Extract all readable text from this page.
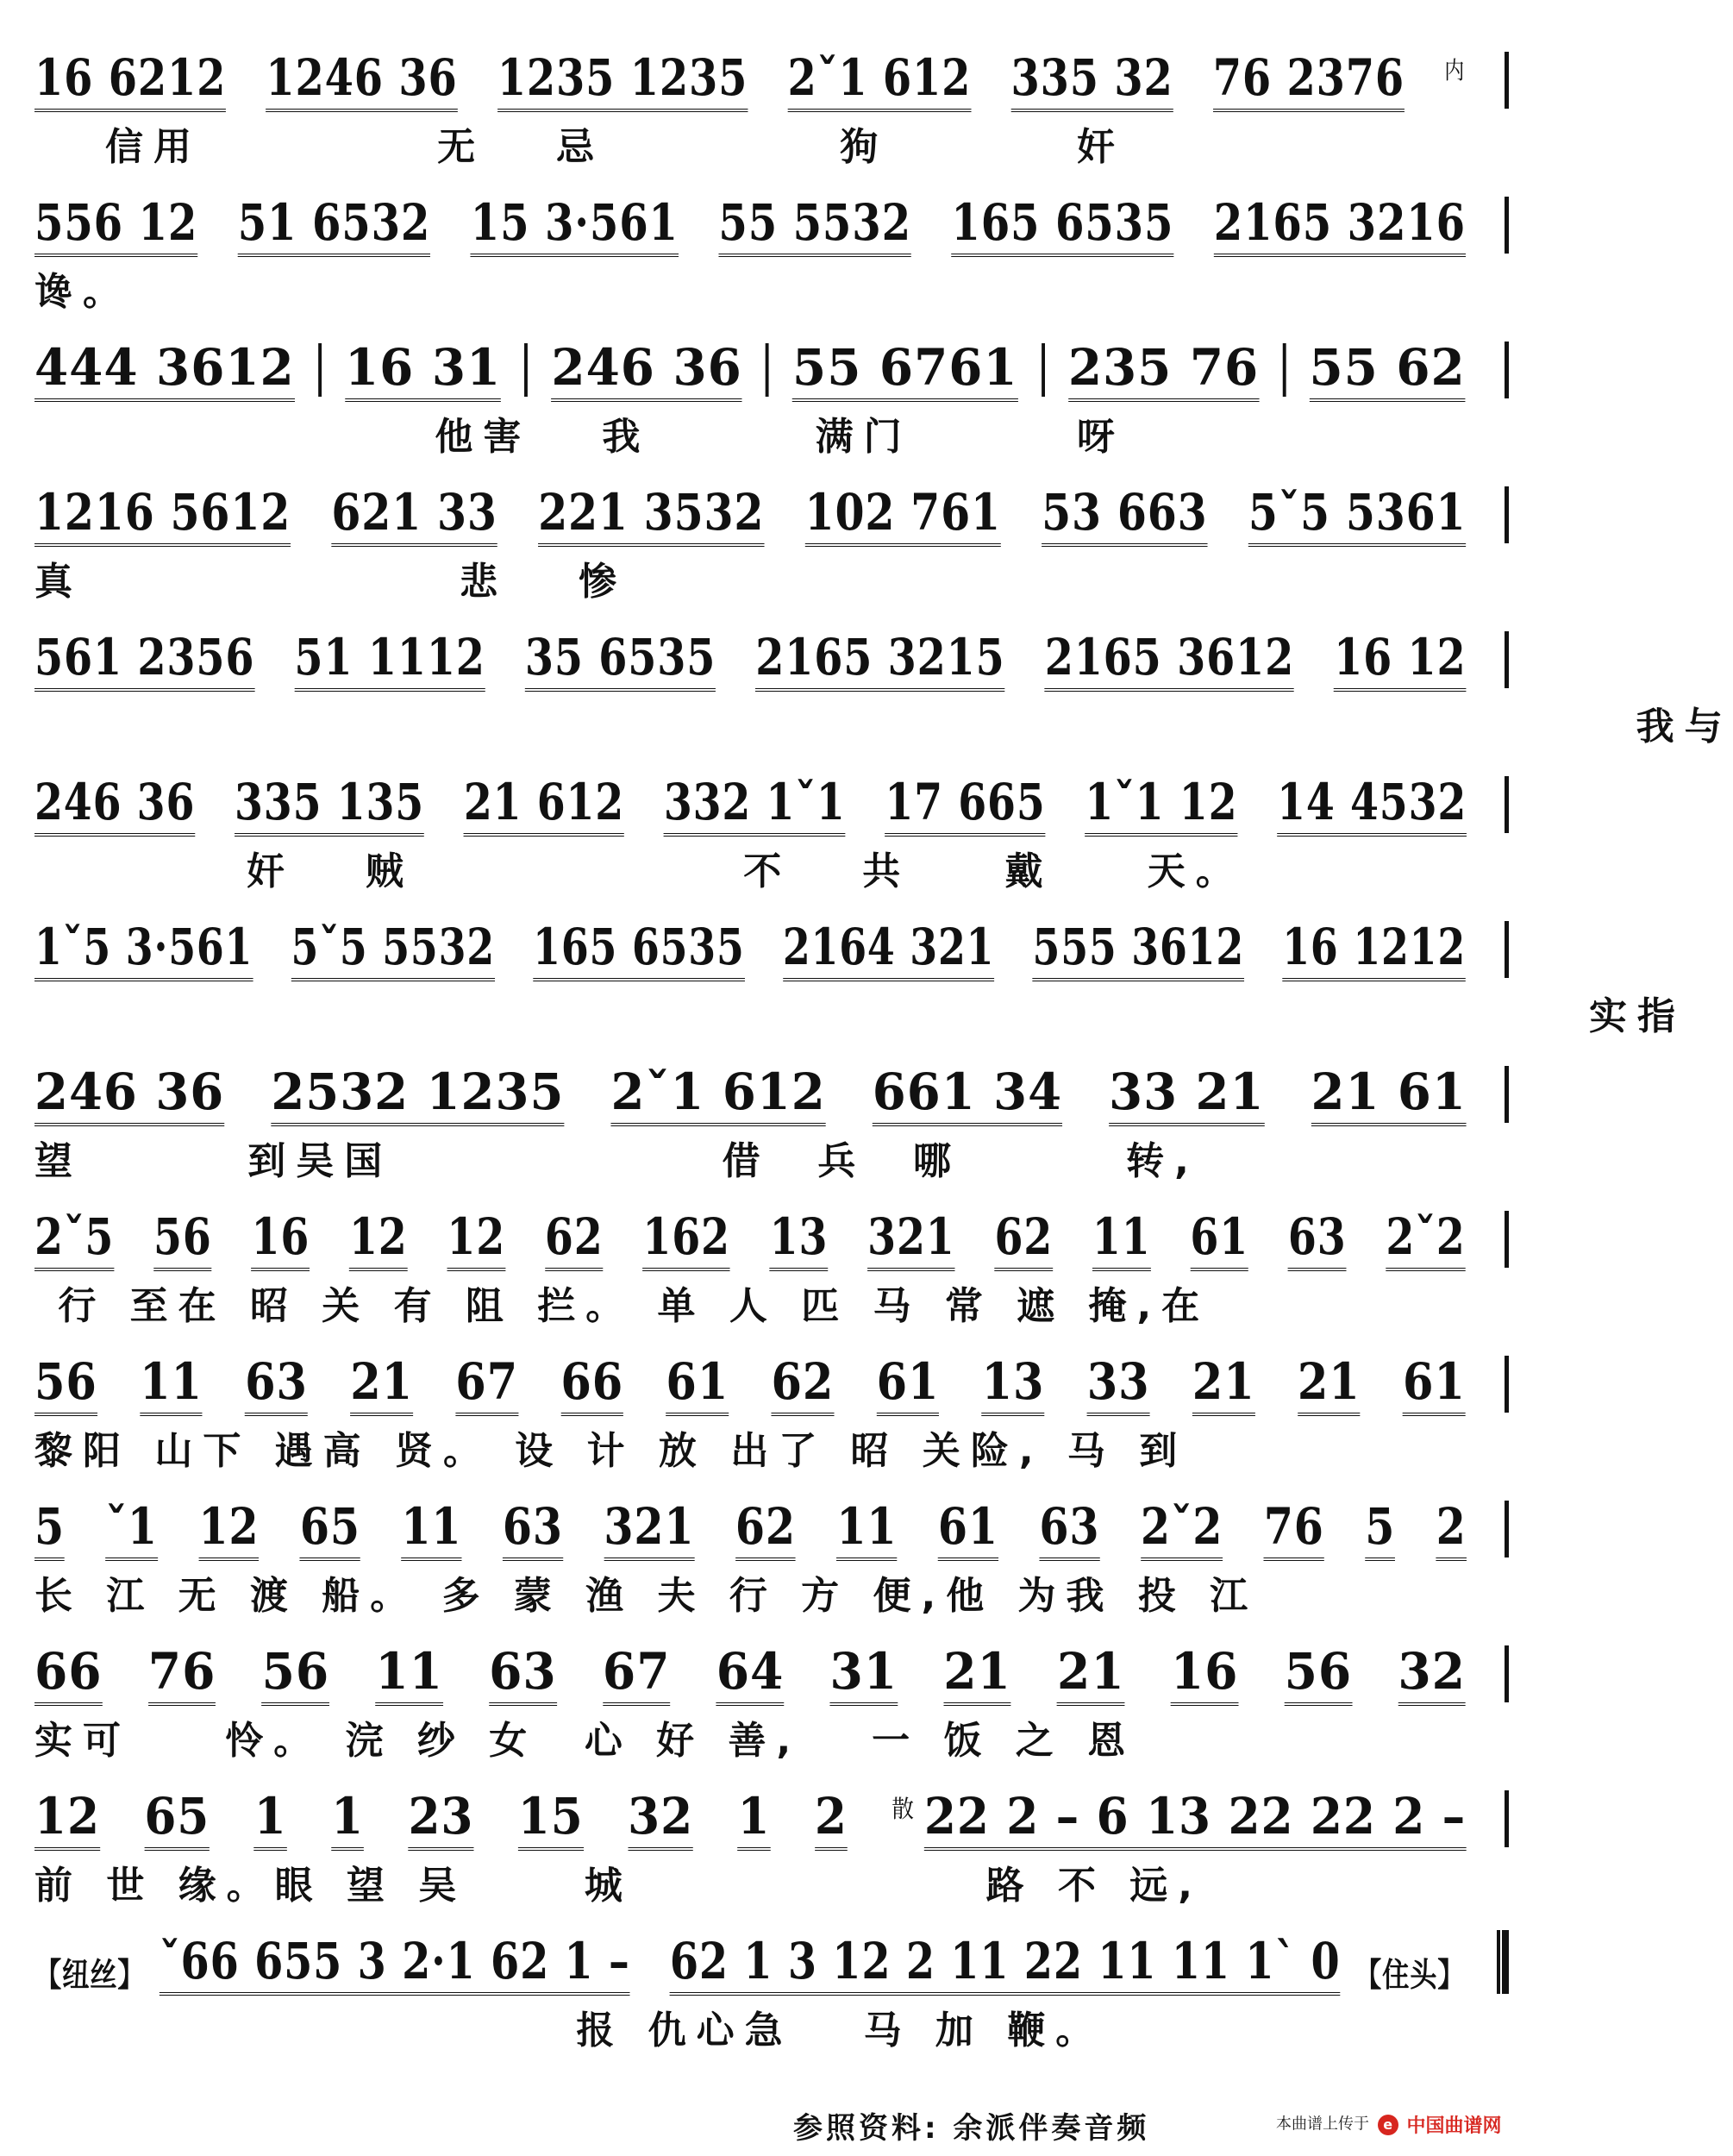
16 6212 1246 36 1235 1235 2ˇ1 612 335 32 76 2376 内
信用          无   忌          狗        奸
556 12 51 6532 15 3·561 55 5532 165 6535 2165 3216
谗。
444 3612 16 31 246 36 55 6761 235 76 55 62
他害   我       满门       呀
1216 5612 621 33 221 3532 102 761 53 663 5ˇ5 5361
真                悲   惨
561 2356 51 1112 35 6535 2165 3215 2165 3612 16 12
我与
246 36 335 135 21 612 332 1ˇ1 17 665 1ˇ1 12 14 4532
奸   贼              不   共    戴    天。
1ˇ5 3·561 5ˇ5 5532 165 6535 2164 321 555 3612 16 1212
实指
246 36 2532 1235 2ˇ1 612 661 34 33 21 21 61
望       到吴国              借  兵  哪       转,
2ˇ5 56 16 12 12 62 162 13 321 62 11 61 63 2ˇ2
行 至在 昭 关 有 阻 拦。 单 人 匹 马 常 遮 掩,在
56 11 63 21 67 66 61 62 61 13 33 21 21 61
黎阳 山下 遇高 贤。 设 计 放 出了 昭 关险, 马 到
5 ˇ1 12 65 11 63 321 62 11 61 63 2ˇ2 76 5 2
长 江 无 渡 船。 多 蒙 渔 夫 行 方 便,他 为我 投 江
66 76 56 11 63 67 64 31 21 21 16 56 32
实可    怜。 浣 纱 女  心 好 善,   一 饭 之 恩
12 65 1 1 23 15 32 1 2 散 22 2 – 6 13 22 22 2 –
前 世 缘。眼 望 吴     城               路 不 远,
【纽丝】 ˇ66 655 3 2·1 62 1 – 62 1 3 12 2 11 22 11 11 1ˋ 0 【住头】
报 仇心急   马 加 鞭。
参照资料: 余派伴奏音频	本曲谱上传于 e 中国曲谱网
